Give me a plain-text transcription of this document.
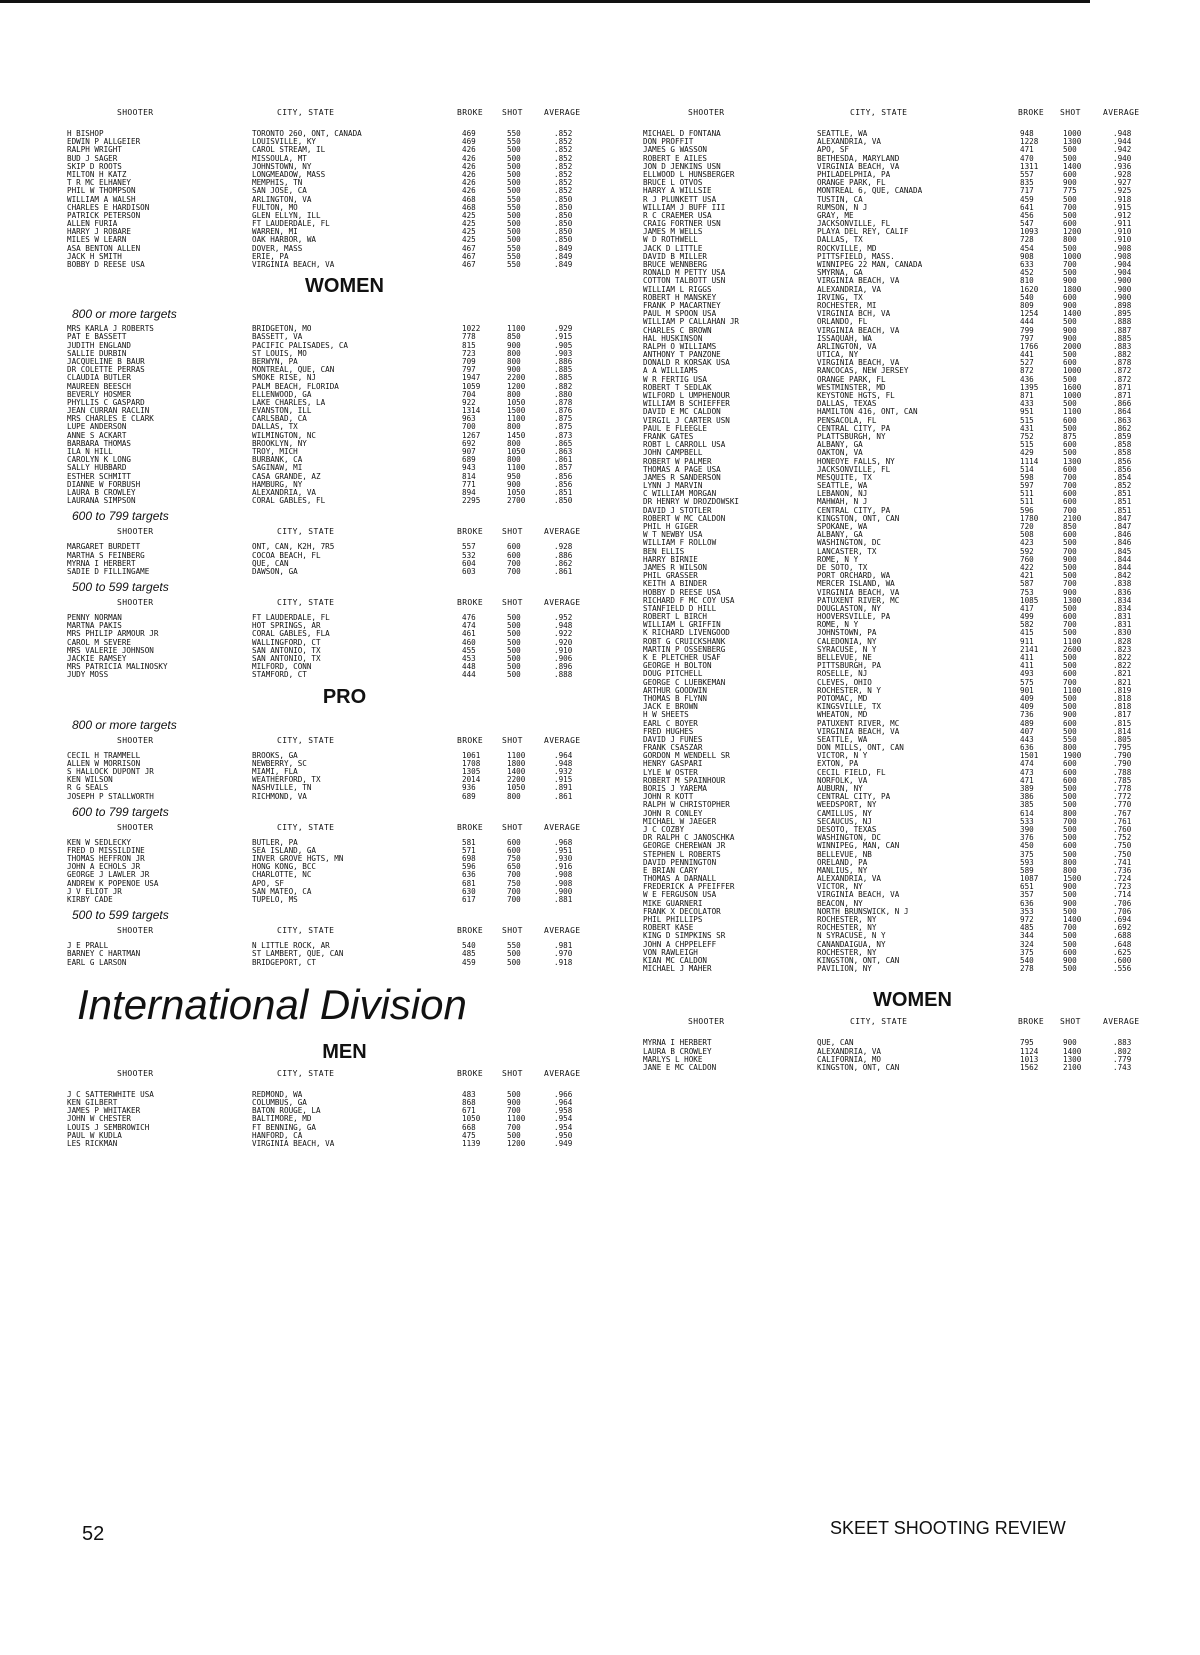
SHOOTER	CITY, STATE	BROKE SHOT	AVERAGE
H BISHOP	TORONTO 260, ONT, CANADA	469	550	.852
EDWIN P ALLGEIER	LOUISVILLE, KY	469	550	.852
RALPH WRIGHT	CAROL STREAM, IL	426	500	.852
BUD J SAGER	MISSOULA, MT	426	500	.852
SKIP D ROOTS	JOHNSTOWN, NY	426	500	.852
MILTON H KATZ	LONGMEADOW, MASS	426	500	.852
T R MC ELHANEY	MEMPHIS, TN	426	500	.852
PHIL W THOMPSON	SAN JOSE, CA	426	500	.852
WILLIAM A WALSH	ARLINGTON, VA	468	550	.850
CHARLES E HARDISON	FULTON, MO	468	550	.850
PATRICK PETERSON	GLEN ELLYN, ILL	425	500	.850
ALLEN FURIA	FT LAUDERDALE, FL	425	500	.850
HARRY J ROBARE	WARREN, MI	425	500	.850
MILES W LEARN	OAK HARBOR, WA	425	500	.850
ASA BENTON ALLEN	DOVER, MASS	467	550	.849
JACK H SMITH	ERIE, PA	467	550	.849
BOBBY D REESE USA	VIRGINIA BEACH, VA	467	550	.849
WOMEN
800 or more targets
MRS KARLA J ROBERTS	BRIDGETON, MO	1022	1100	.929
PAT E BASSETT	BASSETT, VA	778	850	.915
JUDITH ENGLAND	PACIFIC PALISADES, CA	815	900	.905
SALLIE DURBIN	ST LOUIS, MO	723	800	.903
JACQUELINE B BAUR	BERWYN, PA	709	800	.886
DR COLETTE PERRAS	MONTREAL, QUE, CAN	797	900	.885
CLAUDIA BUTLER	SMOKE RISE, NJ	1947	2200	.885
MAUREEN BEESCH	PALM BEACH, FLORIDA	1059	1200	.882
BEVERLY HOSMER	ELLENWOOD, GA	704	800	.880
PHYLLIS C GASPARD	LAKE CHARLES, LA	922	1050	.878
JEAN CURRAN RACLIN	EVANSTON, ILL	1314	1500	.876
MRS CHARLES E CLARK	CARLSBAD, CA	963	1100	.875
LUPE ANDERSON	DALLAS, TX	700	800	.875
ANNE S ACKART	WILMINGTON, NC	1267	1450	.873
BARBARA THOMAS	BROOKLYN, NY	692	800	.865
ILA N HILL	TROY, MICH	907	1050	.863
CAROLYN K LONG	BURBANK, CA	689	800	.861
SALLY HUBBARD	SAGINAW, MI	943	1100	.857
ESTHER SCHMITT	CASA GRANDE, AZ	814	950	.856
DIANNE W FORBUSH	HAMBURG, NY	771	900	.856
LAURA B CROWLEY	ALEXANDRIA, VA	894	1050	.851
LAURANA SIMPSON	CORAL GABLES, FL	2295	2700	.850
600 to 799 targets
SHOOTER	CITY, STATE	BROKE SHOT	AVERAGE
MARGARET BURDETT	ONT, CAN, K2H, 7R5	557	600	.928
MARTHA S FEINBERG	COCOA BEACH, FL	532	600	.886
MYRNA I HERBERT	QUE, CAN	604	700	.862
SADIE D FILLINGAME	DAWSON, GA	603	700	.861
500 to 599 targets
SHOOTER	CITY, STATE	BROKE SHOT	AVERAGE
PENNY NORMAN	FT LAUDERDALE, FL	476	500	.952
MARTNA PAKIS	HOT SPRINGS, AR	474	500	.948
MRS PHILIP ARMOUR JR	CORAL GABLES, FLA	461	500	.922
CAROL M SEVERE	WALLINGFORD, CT	460	500	.920
MRS VALERIE JOHNSON	SAN ANTONIO, TX	455	500	.910
JACKIE RAMSEY	SAN ANTONIO, TX	453	500	.906
MRS PATRICIA MALINOSKY	MILFORD, CONN	448	500	.896
JUDY MOSS	STAMFORD, CT	444	500	.888
PRO
800 or more targets
SHOOTER	CITY, STATE	BROKE SHOT	AVERAGE
CECIL H TRAMMELL	BROOKS, GA	1061	1100	.964
ALLEN W MORRISON	NEWBERRY, SC	1708	1800	.948
S HALLOCK DUPONT JR	MIAMI, FLA	1305	1400	.932
KEN WILSON	WEATHERFORD, TX	2014	2200	.915
R G SEALS	NASHVILLE, TN	936	1050	.891
JOSEPH P STALLWORTH	RICHMOND, VA	689	800	.861
600 to 799 targets
SHOOTER	CITY, STATE	BROKE SHOT	AVERAGE
KEN W SEDLECKY	BUTLER, PA	581	600	.968
FRED D MISSILDINE	SEA ISLAND, GA	571	600	.951
THOMAS HEFFRON JR	INVER GROVE HGTS, MN	698	750	.930
JOHN A ECHOLS JR	HONG KONG, BCC	596	650	.916
GEORGE J LAWLER JR	CHARLOTTE, NC	636	700	.908
ANDREW K POPENOE USA	APO, SF	681	750	.908
J V ELIOT JR	SAN MATEO, CA	630	700	.900
KIRBY CADE	TUPELO, MS	617	700	.881
500 to 599 targets
SHOOTER	CITY, STATE	BROKE SHOT	AVERAGE
J E PRALL	N LITTLE ROCK, AR	540	550	.981
BARNEY C HARTMAN	ST LAMBERT, QUE, CAN	485	500	.970
EARL G LARSON	BRIDGEPORT, CT	459	500	.918
International Division
MEN
SHOOTER	CITY, STATE	BROKE SHOT	AVERAGE
J C SATTERWHITE USA	REDMOND, WA	483	500	.966
KEN GILBERT	COLUMBUS, GA	868	900	.964
JAMES P WHITAKER	BATON ROUGE, LA	671	700	.958
JOHN W CHESTER	BALTIMORE, MD	1050	1100	.954
LOUIS J SEMBROWICH	FT BENNING, GA	668	700	.954
PAUL W KUDLA	HANFORD, CA	475	500	.950
LES RICKMAN	VIRGINIA BEACH, VA	1139	1200	.949
SHOOTER	CITY, STATE	BROKE SHOT	AVERAGE
MICHAEL D FONTANA	SEATTLE, WA	948	1000	.948
DON PROFFIT	ALEXANDRIA, VA	1228	1300	.944
JAMES G WASSON	APO, SF	471	500	.942
ROBERT E AILES	BETHESDA, MARYLAND	470	500	.940
JON D JENKINS USN	VIRGINIA BEACH, VA	1311	1400	.936
ELLWOOD L HUNSBERGER	PHILADELPHIA, PA	557	600	.928
BRUCE L OTVOS	ORANGE PARK, FL	835	900	.927
HARRY A WILLSIE	MONTREAL 6, QUE, CANADA	717	775	.925
R J PLUNKETT USA	TUSTIN, CA	459	500	.918
WILLIAM J BUFF III	RUMSON, N J	641	700	.915
R C CRAEMER USA	GRAY, ME	456	500	.912
CRAIG FORTNER USN	JACKSONVILLE, FL	547	600	.911
JAMES M WELLS	PLAYA DEL REY, CALIF	1093	1200	.910
W D ROTHWELL	DALLAS, TX	728	800	.910
JACK D LITTLE	ROCKVILLE, MD	454	500	.908
DAVID B MILLER	PITTSFIELD, MASS.	908	1000	.908
BRUCE WENNBERG	WINNIPEG 22 MAN, CANADA	633	700	.904
RONALD M PETTY USA	SMYRNA, GA	452	500	.904
COTTON TALBOTT USN	VIRGINIA BEACH, VA	810	900	.900
WILLIAM L RIGGS	ALEXANDRIA, VA	1620	1800	.900
ROBERT H MANSKEY	IRVING, TX	540	600	.900
FRANK P MACARTNEY	ROCHESTER, MI	809	900	.898
PAUL M SPOON USA	VIRGINIA BCH, VA	1254	1400	.895
WILLIAM P CALLAHAN JR	ORLANDO, FL	444	500	.888
CHARLES C BROWN	VIRGINIA BEACH, VA	799	900	.887
HAL HUSKINSON	ISSAQUAH, WA	797	900	.885
RALPH O WILLIAMS	ARLINGTON, VA	1766	2000	.883
ANTHONY T PANZONE	UTICA, NY	441	500	.882
DONALD R KORSAK USA	VIRGINIA BEACH, VA	527	600	.878
A A WILLIAMS	RANCOCAS, NEW JERSEY	872	1000	.872
W R FERTIG USA	ORANGE PARK, FL	436	500	.872
ROBERT T SEDLAK	WESTMINSTER, MD	1395	1600	.871
WILFORD L UMPHENOUR	KEYSTONE HGTS, FL	871	1000	.871
WILLIAM B SCHIEFFER	DALLAS, TEXAS	433	500	.866
DAVID E MC CALDON	HAMILTON 416, ONT, CAN	951	1100	.864
VIRGIL J CARTER USN	PENSACOLA, FL	515	600	.863
PAUL E FLEEGLE	CENTRAL CITY, PA	431	500	.862
FRANK GATES	PLATTSBURGH, NY	752	875	.859
ROBT L CARROLL USA	ALBANY, GA	515	600	.858
JOHN CAMPBELL	OAKTON, VA	429	500	.858
ROBERT W PALMER	HONEOYE FALLS, NY	1114	1300	.856
THOMAS A PAGE USA	JACKSONVILLE, FL	514	600	.856
JAMES R SANDERSON	MESQUITE, TX	598	700	.854
LYNN J MARVIN	SEATTLE, WA	597	700	.852
C WILLIAM MORGAN	LEBANON, NJ	511	600	.851
DR HENRY W DROZDOWSKI	MAHWAH, N J	511	600	.851
DAVID J STOTLER	CENTRAL CITY, PA	596	700	.851
ROBERT W MC CALDON	KINGSTON, ONT, CAN	1780	2100	.847
PHIL H GIGER	SPOKANE, WA	720	850	.847
W T NEWBY USA	ALBANY, GA	508	600	.846
WILLIAM F ROLLOW	WASHINGTON, DC	423	500	.846
BEN ELLIS	LANCASTER, TX	592	700	.845
HARRY BIRNIE	ROME, N Y	760	900	.844
JAMES R WILSON	DE SOTO, TX	422	500	.844
PHIL GRASSER	PORT ORCHARD, WA	421	500	.842
KEITH A BINDER	MERCER ISLAND, WA	587	700	.838
HOBBY D REESE USA	VIRGINIA BEACH, VA	753	900	.836
RICHARD F MC COY USA	PATUXENT RIVER, MC	1085	1300	.834
STANFIELD D HILL	DOUGLASTON, NY	417	500	.834
ROBERT L BIRCH	HOOVERSVILLE, PA	499	600	.831
WILLIAM L GRIFFIN	ROME, N Y	582	700	.831
K RICHARD LIVENGOOD	JOHNSTOWN, PA	415	500	.830
ROBT G CRUICKSHANK	CALEDONIA, NY	911	1100	.828
MARTIN P OSSENBERG	SYRACUSE, N Y	2141	2600	.823
K E PLETCHER USAF	BELLEVUE, NE	411	500	.822
GEORGE H BOLTON	PITTSBURGH, PA	411	500	.822
DOUG PITCHELL	ROSELLE, NJ	493	600	.821
GEORGE C LUEBKEMAN	CLEVES, OHIO	575	700	.821
ARTHUR GOODWIN	ROCHESTER, N Y	901	1100	.819
THOMAS B FLYNN	POTOMAC, MD	409	500	.818
JACK E BROWN	KINGSVILLE, TX	409	500	.818
H W SHEETS	WHEATON, MD	736	900	.817
EARL C BOYER	PATUXENT RIVER, MC	489	600	.815
FRED HUGHES	VIRGINIA BEACH, VA	407	500	.814
DAVID J FUNES	SEATTLE, WA	443	550	.805
FRANK CSASZAR	DON MILLS, ONT, CAN	636	800	.795
GORDON M WENDELL SR	VICTOR, N Y	1501	1900	.790
HENRY GASPARI	EXTON, PA	474	600	.790
LYLE W OSTER	CECIL FIELD, FL	473	600	.788
ROBERT M SPAINHOUR	NORFOLK, VA	471	600	.785
BORIS J YAREMA	AUBURN, NY	389	500	.778
JOHN R KOTT	CENTRAL CITY, PA	386	500	.772
RALPH W CHRISTOPHER	WEEDSPORT, NY	385	500	.770
JOHN R CONLEY	CAMILLUS, NY	614	800	.767
MICHAEL W JAEGER	SECAUCUS, NJ	533	700	.761
J C COZBY	DESOTO, TEXAS	390	500	.760
DR RALPH C JANOSCHKA	WASHINGTON, DC	376	500	.752
GEORGE CHEREWAN JR	WINNIPEG, MAN, CAN	450	600	.750
STEPHEN L ROBERTS	BELLEVUE, NB	375	500	.750
DAVID PENNINGTON	ORELAND, PA	593	800	.741
E BRIAN CARY	MANLIUS, NY	589	800	.736
THOMAS A DARNALL	ALEXANDRIA, VA	1087	1500	.724
FREDERICK A PFEIFFER	VICTOR, NY	651	900	.723
W E FERGUSON USA	VIRGINIA BEACH, VA	357	500	.714
MIKE GUARNERI	BEACON, NY	636	900	.706
FRANK X DECOLATOR	NORTH BRUNSWICK, N J	353	500	.706
PHIL PHILLIPS	ROCHESTER, NY	972	1400	.694
ROBERT KASE	ROCHESTER, NY	485	700	.692
KING D SIMPKINS SR	N SYRACUSE, N Y	344	500	.688
JOHN A CHPPELEFF	CANANDAIGUA, NY	324	500	.648
VON RAWLEIGH	ROCHESTER, NY	375	600	.625
KIAN MC CALDON	KINGSTON, ONT, CAN	540	900	.600
MICHAEL J MAHER	PAVILION, NY	278	500	.556
WOMEN
SHOOTER	CITY, STATE	BROKE SHOT	AVERAGE
MYRNA I HERBERT	QUE, CAN	795	900	.883
LAURA B CROWLEY	ALEXANDRIA, VA	1124	1400	.802
MARLYS L HOKE	CALIFORNIA, MO	1013	1300	.779
JANE E MC CALDON	KINGSTON, ONT, CAN	1562	2100	.743
52	SKEET SHOOTING REVIEW
